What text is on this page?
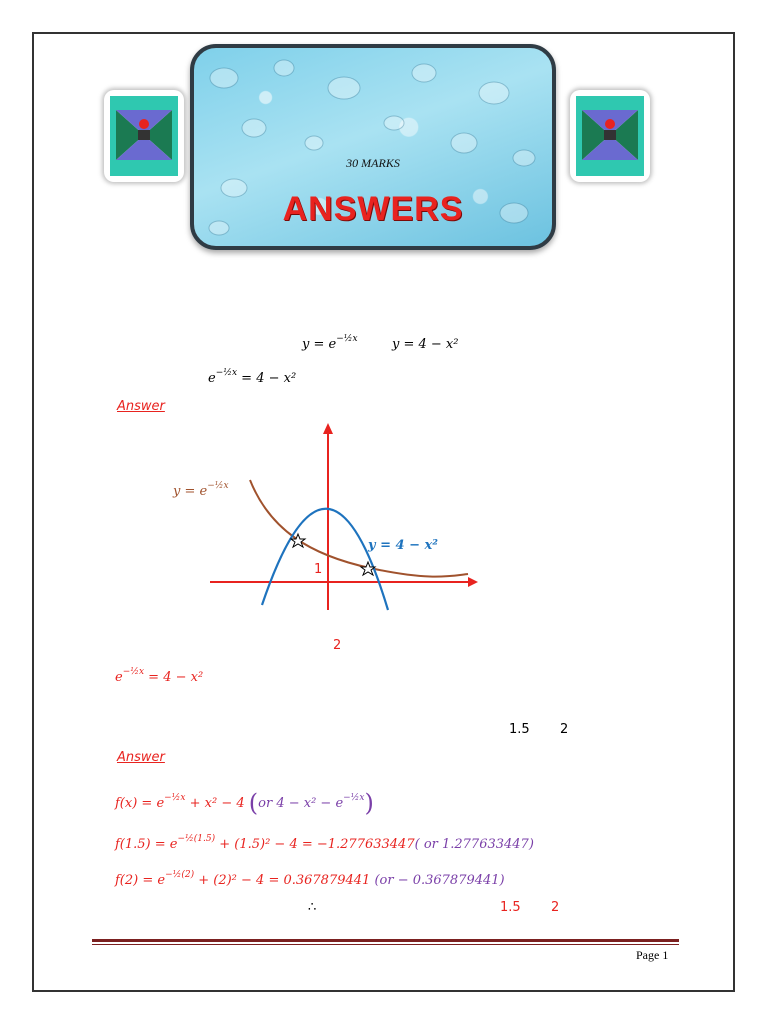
30 MARKS
ANSWERS
$y = e^{-\frac{1}{2}x}$	y = 4 − x²
$e^{-\frac{1}{2}x} = 4 - x^2$
Answer
$y = e^{-\frac{1}{2}x}$
y = 4 − x²
1
2
$e^{-\frac{1}{2}x} = 4 - x^2$
1.5 2
Answer
$f(x) = e^{-\frac{1}{2}x} + x^2 - 4$ (or $4 - x^2 - e^{-\frac{1}{2}x}$)
$f(1.5) = e^{-\frac{1}{2}(1.5)} + (1.5)^2 - 4 = -1.277633447$( or 1.277633447)
$f(2) = e^{-\frac{1}{2}(2)} + (2)^2 - 4 = 0.367879441$ (or − 0.367879441)
∴	1.5 2
Page 1
